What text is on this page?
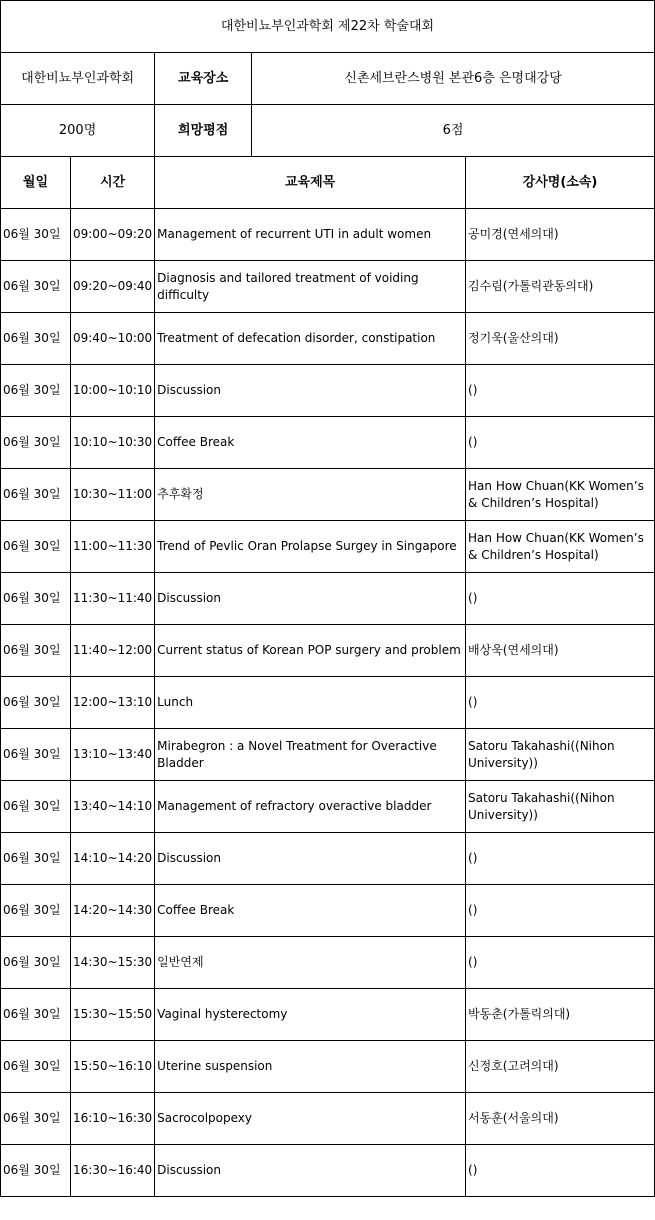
대한비뇨부인과학회 제22차 학술대회				
대한비뇨부인과학회		교육장소	신촌세브란스병원 본관6층 은명대강당	
200명		희망평점	6점	
월일	시간	교육제목		강사명(소속)
06월 30일	09:00~09:20	Management of recurrent UTI in adult women		공미경(연세의대)
06월 30일	09:20~09:40	Diagnosis and tailored treatment of voiding difficulty		김수림(가톨릭관동의대)
06월 30일	09:40~10:00	Treatment of defecation disorder, constipation		정기욱(울산의대)
06월 30일	10:00~10:10	Discussion		()
06월 30일	10:10~10:30	Coffee Break		()
06월 30일	10:30~11:00	추후확정		Han How Chuan(KK Women’s & Children’s Hospital)
06월 30일	11:00~11:30	Trend of Pevlic Oran Prolapse Surgey in Singapore		Han How Chuan(KK Women’s & Children’s Hospital)
06월 30일	11:30~11:40	Discussion		()
06월 30일	11:40~12:00	Current status of Korean POP surgery and problem		배상욱(연세의대)
06월 30일	12:00~13:10	Lunch		()
06월 30일	13:10~13:40	Mirabegron : a Novel Treatment for Overactive Bladder		Satoru Takahashi((Nihon University))
06월 30일	13:40~14:10	Management of refractory overactive bladder		Satoru Takahashi((Nihon University))
06월 30일	14:10~14:20	Discussion		()
06월 30일	14:20~14:30	Coffee Break		()
06월 30일	14:30~15:30	일반연제		()
06월 30일	15:30~15:50	Vaginal hysterectomy		박동춘(가톨릭의대)
06월 30일	15:50~16:10	Uterine suspension		신정호(고려의대)
06월 30일	16:10~16:30	Sacrocolpopexy		서동훈(서울의대)
06월 30일	16:30~16:40	Discussion		()
